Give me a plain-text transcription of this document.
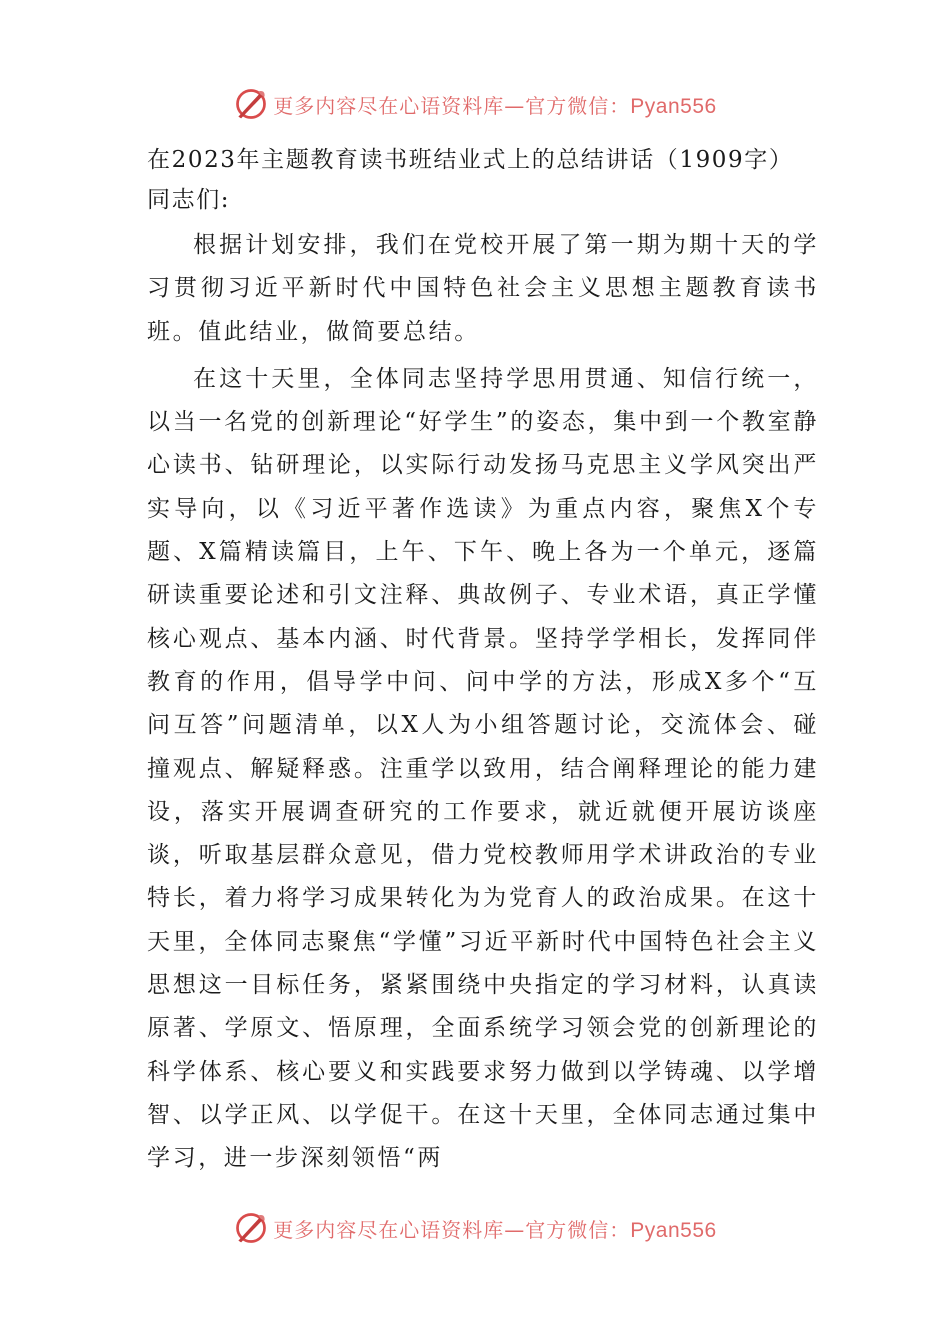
更多内容尽在心语资料库—官方微信：Pyan556

在2023年主题教育读书班结业式上的总结讲话（1909字）

同志们:

根据计划安排，我们在党校开展了第一期为期十天的学习贯彻习近平新时代中国特色社会主义思想主题教育读书班。值此结业，做简要总结。

在这十天里，全体同志坚持学思用贯通、知信行统一，以当一名党的创新理论“好学生”的姿态，集中到一个教室静心读书、钻研理论，以实际行动发扬马克思主义学风突出严实导向，以《习近平著作选读》为重点内容，聚焦X个专题、X篇精读篇目，上午、下午、晚上各为一个单元，逐篇研读重要论述和引文注释、典故例子、专业术语，真正学懂核心观点、基本内涵、时代背景。坚持学学相长，发挥同伴教育的作用，倡导学中问、问中学的方法，形成X多个“互问互答”问题清单，以X人为小组答题讨论，交流体会、碰撞观点、解疑释惑。注重学以致用，结合阐释理论的能力建设，落实开展调查研究的工作要求，就近就便开展访谈座谈，听取基层群众意见，借力党校教师用学术讲政治的专业特长，着力将学习成果转化为为党育人的政治成果。在这十天里，全体同志聚焦“学懂”习近平新时代中国特色社会主义思想这一目标任务，紧紧围绕中央指定的学习材料，认真读原著、学原文、悟原理，全面系统学习领会党的创新理论的科学体系、核心要义和实践要求努力做到以学铸魂、以学增智、以学正风、以学促干。在这十天里，全体同志通过集中学习，进一步深刻领悟“两

更多内容尽在心语资料库—官方微信：Pyan556
